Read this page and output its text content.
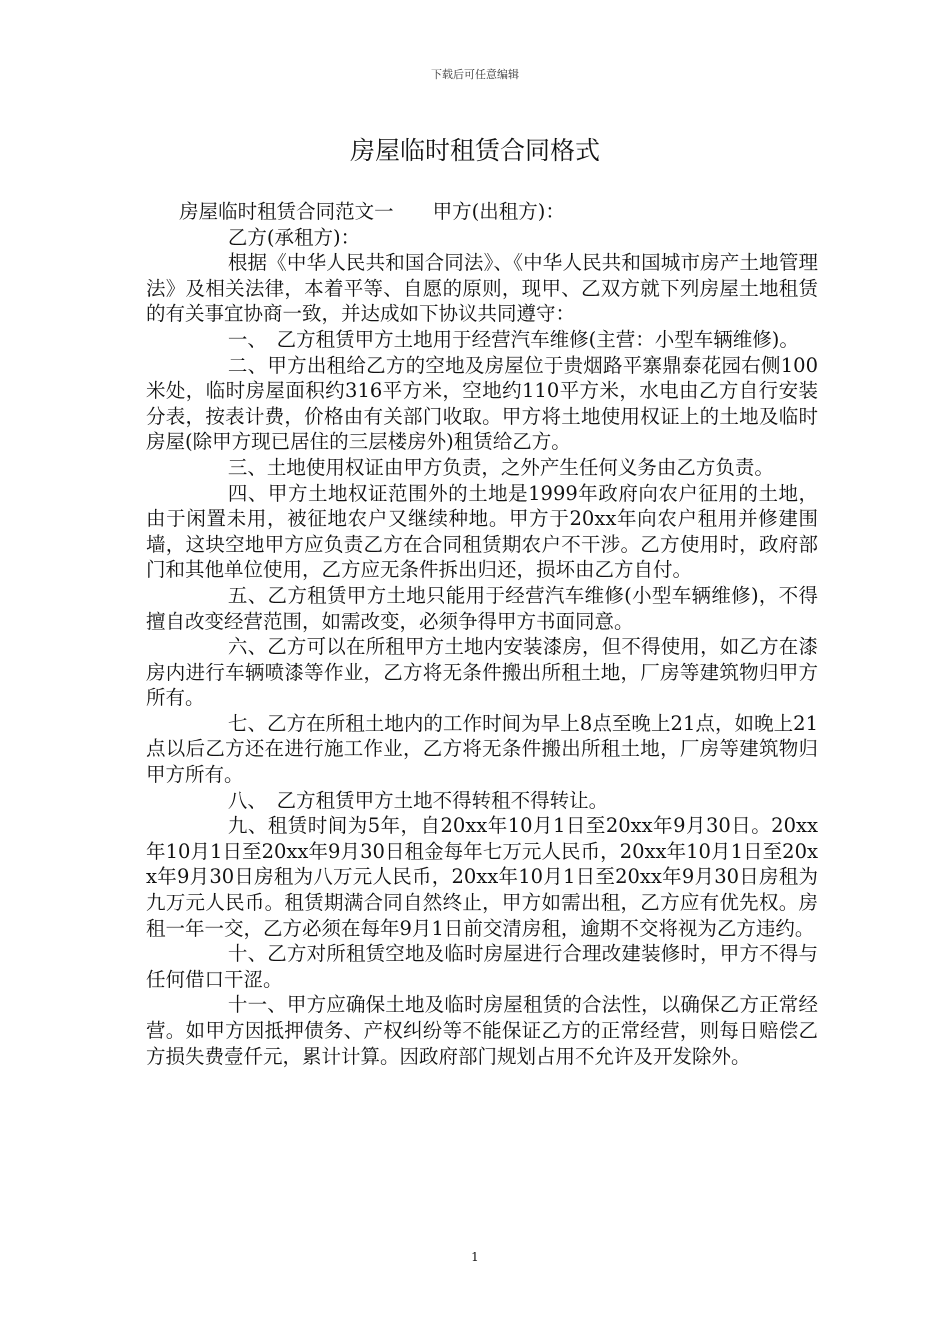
下载后可任意编辑
房屋临时租赁合同格式

房屋临时租赁合同范文一　　甲方(出租方)：

乙方(承租方)：

根据《中华人民共和国合同法》、《中华人民共和国城市房产土地管理法》及相关法律，本着平等、自愿的原则，现甲、乙双方就下列房屋土地租赁的有关事宜协商一致，并达成如下协议共同遵守：

一、　乙方租赁甲方土地用于经营汽车维修(主营：小型车辆维修)。

二、甲方出租给乙方的空地及房屋位于贵烟路平寨鼎泰花园右侧100米处，临时房屋面积约316平方米，空地约110平方米，水电由乙方自行安装分表，按表计费，价格由有关部门收取。甲方将土地使用权证上的土地及临时房屋(除甲方现已居住的三层楼房外)租赁给乙方。

三、土地使用权证由甲方负责，之外产生任何义务由乙方负责。

四、甲方土地权证范围外的土地是1999年政府向农户征用的土地，由于闲置未用，被征地农户又继续种地。甲方于20xx年向农户租用并修建围墙，这块空地甲方应负责乙方在合同租赁期农户不干涉。乙方使用时，政府部门和其他单位使用，乙方应无条件拆出归还，损坏由乙方自付。

五、乙方租赁甲方土地只能用于经营汽车维修(小型车辆维修)，不得擅自改变经营范围，如需改变，必须争得甲方书面同意。

六、乙方可以在所租甲方土地内安装漆房，但不得使用，如乙方在漆房内进行车辆喷漆等作业，乙方将无条件搬出所租土地，厂房等建筑物归甲方所有。

七、乙方在所租土地内的工作时间为早上8点至晚上21点，如晚上21点以后乙方还在进行施工作业，乙方将无条件搬出所租土地，厂房等建筑物归甲方所有。

八、　乙方租赁甲方土地不得转租不得转让。

九、租赁时间为5年，自20xx年10月1日至20xx年9月30日。20xx年10月1日至20xx年9月30日租金每年七万元人民币，20xx年10月1日至20xx年9月30日房租为八万元人民币，20xx年10月1日至20xx年9月30日房租为九万元人民币。租赁期满合同自然终止，甲方如需出租，乙方应有优先权。房租一年一交，乙方必须在每年9月1日前交清房租，逾期不交将视为乙方违约。

十、乙方对所租赁空地及临时房屋进行合理改建装修时，甲方不得与任何借口干涩。

十一、甲方应确保土地及临时房屋租赁的合法性，以确保乙方正常经营。如甲方因抵押债务、产权纠纷等不能保证乙方的正常经营，则每日赔偿乙方损失费壹仟元，累计计算。因政府部门规划占用不允许及开发除外。

1
